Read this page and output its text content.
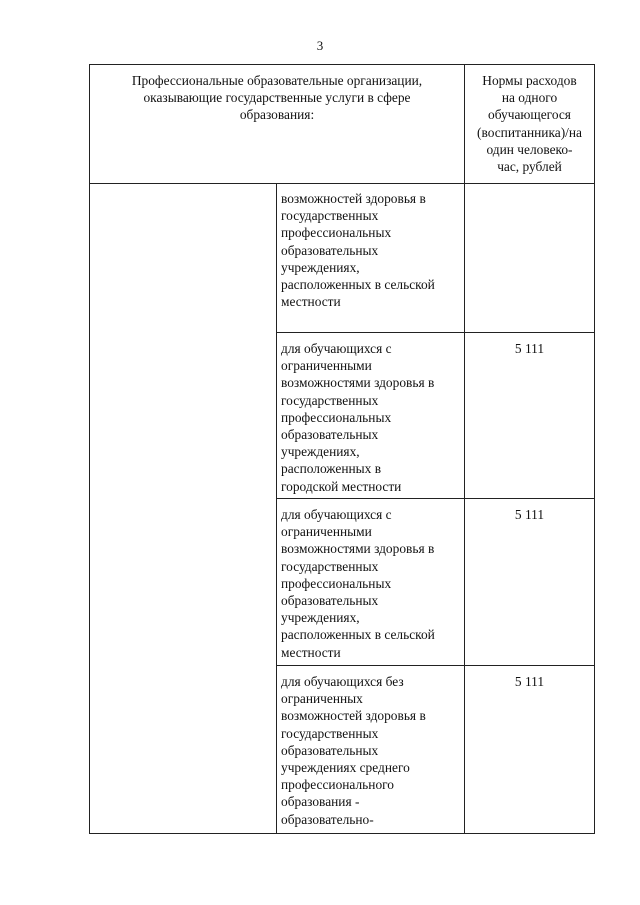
3
Профессиональные образовательные организации,
оказывающие государственные услуги в сфере
образования:
Нормы расходов
на одного
обучающегося
(воспитанника)/на
один человеко-
час, рублей
возможностей здоровья в
государственных
профессиональных
образовательных
учреждениях,
расположенных в сельской
местности
для обучающихся с
ограниченными
возможностями здоровья в
государственных
профессиональных
образовательных
учреждениях,
расположенных в
городской местности
5 111
для обучающихся с
ограниченными
возможностями здоровья в
государственных
профессиональных
образовательных
учреждениях,
расположенных в сельской
местности
5 111
для обучающихся без
ограниченных
возможностей здоровья в
государственных
образовательных
учреждениях среднего
профессионального
образования -
образовательно-
5 111
